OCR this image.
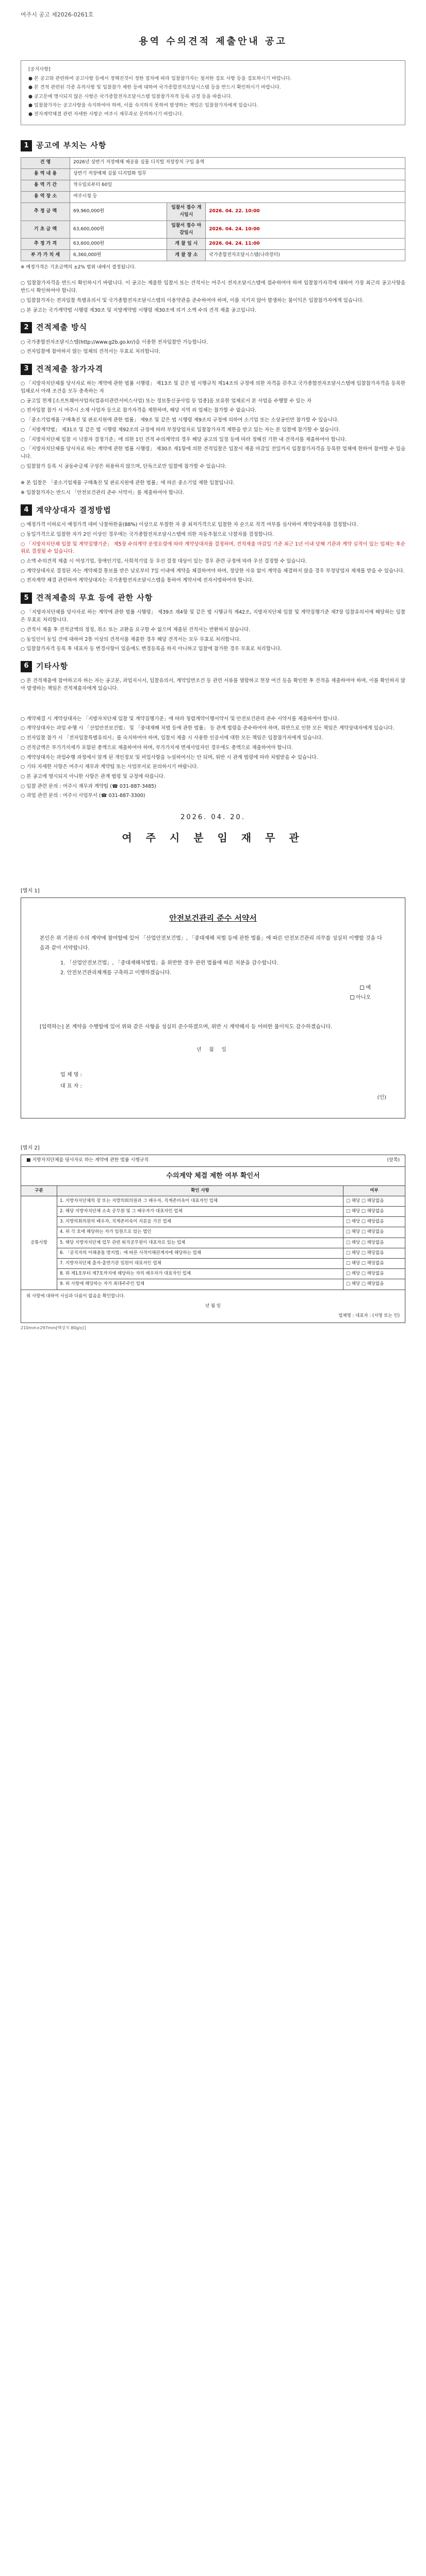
여주시 공고 제2026-0261호
용역 수의견적 제출안내 공고

[공지사항]

● 본 공고와 관련하여 공고사항 등에서 정해진것이 정한 절차에 따라 입찰참가자는 철저한 검토 사항 등을 검토하시기 바랍니다.

● 본 견적 관련된 각종 유의사항 및 입찰참가 제한 등에 대하여 국가종합전자조달시스템 등을 반드시 확인하시기 바랍니다.

● 공고문에 명시되지 않은 사항은 국가종합전자조달시스템 입찰참가자격 등록 규정 등을 따릅니다.

● 입찰참가자는 공고사항을 숙지하여야 하며, 이를 숙지하지 못하여 발생하는 책임은 입찰참가자에게 있습니다.

● 전자계약체결 관련 자세한 사항은 여주시 재무과로 문의하시기 바랍니다.

1 공고에 부치는 사항
건 명	2026년 상반기 저장매체 제공용 실물 디지털 저장장치 구입 용역		
용 역 내 용	상반기 저장매체 실물 디지털화 업무		
용 역 기 간	착수일로부터 60일		
용 역 장 소	여주시청 등		
추 정 금 액	69,960,000원	입찰서 접수 개시일시	2026. 04. 22. 10:00
기 초 금 액	63,600,000원	입찰서 접수 마감일시	2026. 04. 24. 10:00
추 정 가 격	63,600,000원	개 찰 일 시	2026. 04. 24. 11:00
부 가 가 치 세	6,360,000원	개 찰 장 소	국가종합전자조달시스템(나라장터)
※ 예정가격은 기초금액의 ±2% 범위 내에서 결정됩니다.

○ 입찰참가자격을 반드시 확인하시기 바랍니다. 이 공고는 제출한 입찰서 또는 견적서는 여주시 전자조달시스템에 접수하여야 하며 입찰참가자격에 대하여 가장 최근의 공고사항을 반드시 확인하여야 합니다.

○ 입찰참가자는 전자입찰 특별유의서 및 국가종합전자조달시스템의 이용약관을 준수하여야 하며, 이를 지키지 않아 발생하는 불이익은 입찰참가자에게 있습니다.

○ 본 공고는 국가계약법 시행령 제30조 및 지방계약법 시행령 제30조에 의거 소액 수의 견적 제출 공고입니다.

2 견적제출 방식

○ 국가종합전자조달시스템(http://www.g2b.go.kr/)을 이용한 전자입찰만 가능합니다.

○ 전자입찰에 참여하지 않는 업체의 견적서는 무효로 처리합니다.

3 견적제출 참가자격

○ 「지방자치단체를 당사자로 하는 계약에 관한 법률 시행령」 제13조 및 같은 법 시행규칙 제14조의 규정에 의한 자격을 갖추고 국가종합전자조달시스템에 입찰참가자격을 등록한 업체로서 아래 조건을 모두 충족하는 자

○ 공고일 현재 [소프트웨어사업자(컴퓨터관련서비스사업) 또는 정보통신공사업 등 업종]을 보유한 업체로서 본 사업을 수행할 수 있는 자

○ 전자입찰 참가 시 여주시 소재 사업자 등으로 참가자격을 제한하며, 해당 지역 외 업체는 참가할 수 없습니다.

○ 「중소기업제품 구매촉진 및 판로지원에 관한 법률」 제9조 및 같은 법 시행령 제9조의 규정에 의하여 소기업 또는 소상공인만 참가할 수 있습니다.

○ 「지방계약법」 제31조 및 같은 법 시행령 제92조의 규정에 따라 부정당업자로 입찰참가자격 제한을 받고 있는 자는 본 입찰에 참가할 수 없습니다.

○ 「지방자치단체 입찰 시 낙찰자 결정기준」에 의한 1인 견적 수의계약의 경우 해당 공고의 일정 등에 따라 정해진 기한 내 견적서를 제출하여야 합니다.

○ 「지방자치단체를 당사자로 하는 계약에 관한 법률 시행령」 제30조 제1항에 의한 견적입찰은 입찰서 제출 마감일 전일까지 입찰참가자격을 등록한 업체에 한하여 참여할 수 있습니다.

○ 입찰참가 등록 시 공동수급체 구성은 허용하지 않으며, 단독으로만 입찰에 참가할 수 있습니다.

※ 본 입찰은 「중소기업제품 구매촉진 및 판로지원에 관한 법률」에 따른 중소기업 제한 입찰입니다.

※ 입찰참가자는 반드시 「안전보건관리 준수 서약서」를 제출하여야 합니다.

4 계약상대자 결정방법

○ 예정가격 이하로서 예정가격 대비 낙찰하한율(88%) 이상으로 투찰한 자 중 최저가격으로 입찰한 자 순으로 적격 여부를 심사하여 계약상대자를 결정합니다.

○ 동일가격으로 입찰한 자가 2인 이상인 경우에는 국가종합전자조달시스템에 의한 자동추첨으로 낙찰자를 결정합니다.

○ 「지방자치단체 입찰 및 계약집행기준」 제5장 수의계약 운영요령에 따라 계약상대자를 결정하며, 견적제출 마감일 기준 최근 1년 이내 당해 기관과 계약 실적이 있는 업체는 후순위로 결정될 수 있습니다.

○ 소액 수의견적 제출 시 여성기업, 장애인기업, 사회적기업 등 우선 결정 대상이 있는 경우 관련 규정에 따라 우선 결정할 수 있습니다.

○ 계약상대자로 결정된 자는 계약체결 통보를 받은 날로부터 7일 이내에 계약을 체결하여야 하며, 정당한 사유 없이 계약을 체결하지 않을 경우 부정당업자 제재를 받을 수 있습니다.

○ 전자계약 체결 관련하여 계약상대자는 국가종합전자조달시스템을 통하여 계약서에 전자서명하여야 합니다.

5 견적제출의 무효 등에 관한 사항

○ 「지방자치단체를 당사자로 하는 계약에 관한 법률 시행령」 제39조 제4항 및 같은 법 시행규칙 제42조, 지방자치단체 입찰 및 계약집행기준 제7장 입찰유의서에 해당하는 입찰은 무효로 처리합니다.

○ 견적서 제출 후 견적금액의 정정, 취소 또는 교환을 요구할 수 없으며 제출된 견적서는 반환하지 않습니다.

○ 동일인이 동일 건에 대하여 2통 이상의 견적서를 제출한 경우 해당 견적서는 모두 무효로 처리합니다.

○ 입찰참가자격 등록 후 대표자 등 변경사항이 있음에도 변경등록을 하지 아니하고 입찰에 참가한 경우 무효로 처리합니다.

6 기타사항

○ 본 견적제출에 참여하고자 하는 자는 공고문, 과업지시서, 입찰유의서, 계약일반조건 등 관련 서류를 열람하고 현장 여건 등을 확인한 후 견적을 제출하여야 하며, 이를 확인하지 않아 발생하는 책임은 견적제출자에게 있습니다.

○ 계약체결 시 계약상대자는 「지방자치단체 입찰 및 계약집행기준」에 따라 청렴계약이행서약서 및 안전보건관리 준수 서약서를 제출하여야 합니다.

○ 계약상대자는 과업 수행 시 「산업안전보건법」 및 「중대재해 처벌 등에 관한 법률」 등 관계 법령을 준수하여야 하며, 위반으로 인한 모든 책임은 계약상대자에게 있습니다.

○ 전자입찰 참가 시 「전자입찰특별유의서」를 숙지하여야 하며, 입찰서 제출 시 사용한 인증서에 대한 모든 책임은 입찰참가자에게 있습니다.

○ 견적금액은 부가가치세가 포함된 총액으로 제출하여야 하며, 부가가치세 면세사업자인 경우에도 총액으로 제출하여야 합니다.

○ 계약상대자는 과업수행 과정에서 알게 된 개인정보 및 비밀사항을 누설하여서는 안 되며, 위반 시 관계 법령에 따라 처벌받을 수 있습니다.

○ 기타 자세한 사항은 여주시 재무과 계약팀 또는 사업부서로 문의하시기 바랍니다.

○ 본 공고에 명시되지 아니한 사항은 관계 법령 및 규정에 따릅니다.

○ 입찰 관련 문의 : 여주시 재무과 계약팀 (☎ 031-887-3485)

○ 과업 관련 문의 : 여주시 사업부서 (☎ 031-887-3300)

2026. 04. 20.
여 주 시 분 임 재 무 관
[별지 1]
안전보건관리 준수 서약서
본인은 위 기관의 수의 계약에 참여함에 있어 「산업안전보건법」, 「중대재해 처벌 등에 관한 법률」에 따른 안전보건관리 의무를 성실히 이행할 것을 다음과 같이 서약합니다.
1. 「산업안전보건법」, 「중대재해처벌법」을 위반한 경우 관련 법률에 따른 처분을 감수합니다.
2. 안전보건관리체계를 구축하고 이행하겠습니다.
예
아니오
[입력하는] 본 계약을 수행함에 있어 위와 같은 사항을 성실히 준수하겠으며, 위반 시 계약해지 등 어떠한 불이익도 감수하겠습니다.
년 월 일
업 체 명 :
대 표 자 :
(인)
[별지 2]
■ 지방자치단체를 당사자로 하는 계약에 관한 법률 시행규칙	(앞쪽)
수의계약 체결 제한 여부 확인서
구분	확인 사항	여부
공통사항	1. 지방자치단체의 장 또는 지방의회의원과 그 배우자, 직계존비속이 대표자인 업체	□ 해당 □ 해당없음
	2. 해당 지방자치단체 소속 공무원 및 그 배우자가 대표자인 업체	□ 해당 □ 해당없음
	3. 지방의회의원의 배우자, 직계존비속이 지분을 가진 업체	□ 해당 □ 해당없음
	4. 위 각 호에 해당하는 자가 임원으로 있는 법인	□ 해당 □ 해당없음
	5. 해당 지방자치단체 업무 관련 퇴직공무원이 대표자로 있는 업체	□ 해당 □ 해당없음
	6. 「공직자의 이해충돌 방지법」에 따른 사적이해관계자에 해당하는 업체	□ 해당 □ 해당없음
	7. 지방자치단체 출자·출연기관 임원이 대표자인 업체	□ 해당 □ 해당없음
	8. 위 제1호부터 제7호까지에 해당하는 자의 배우자가 대표자인 업체	□ 해당 □ 해당없음
	9. 위 사항에 해당하는 자가 최대주주인 업체	□ 해당 □ 해당없음
위 사항에 대하여 사실과 다름이 없음을 확인합니다.
년 월 일
업체명 : 대표자 : (서명 또는 인)
210mm×297mm[백상지 80g/㎡]
